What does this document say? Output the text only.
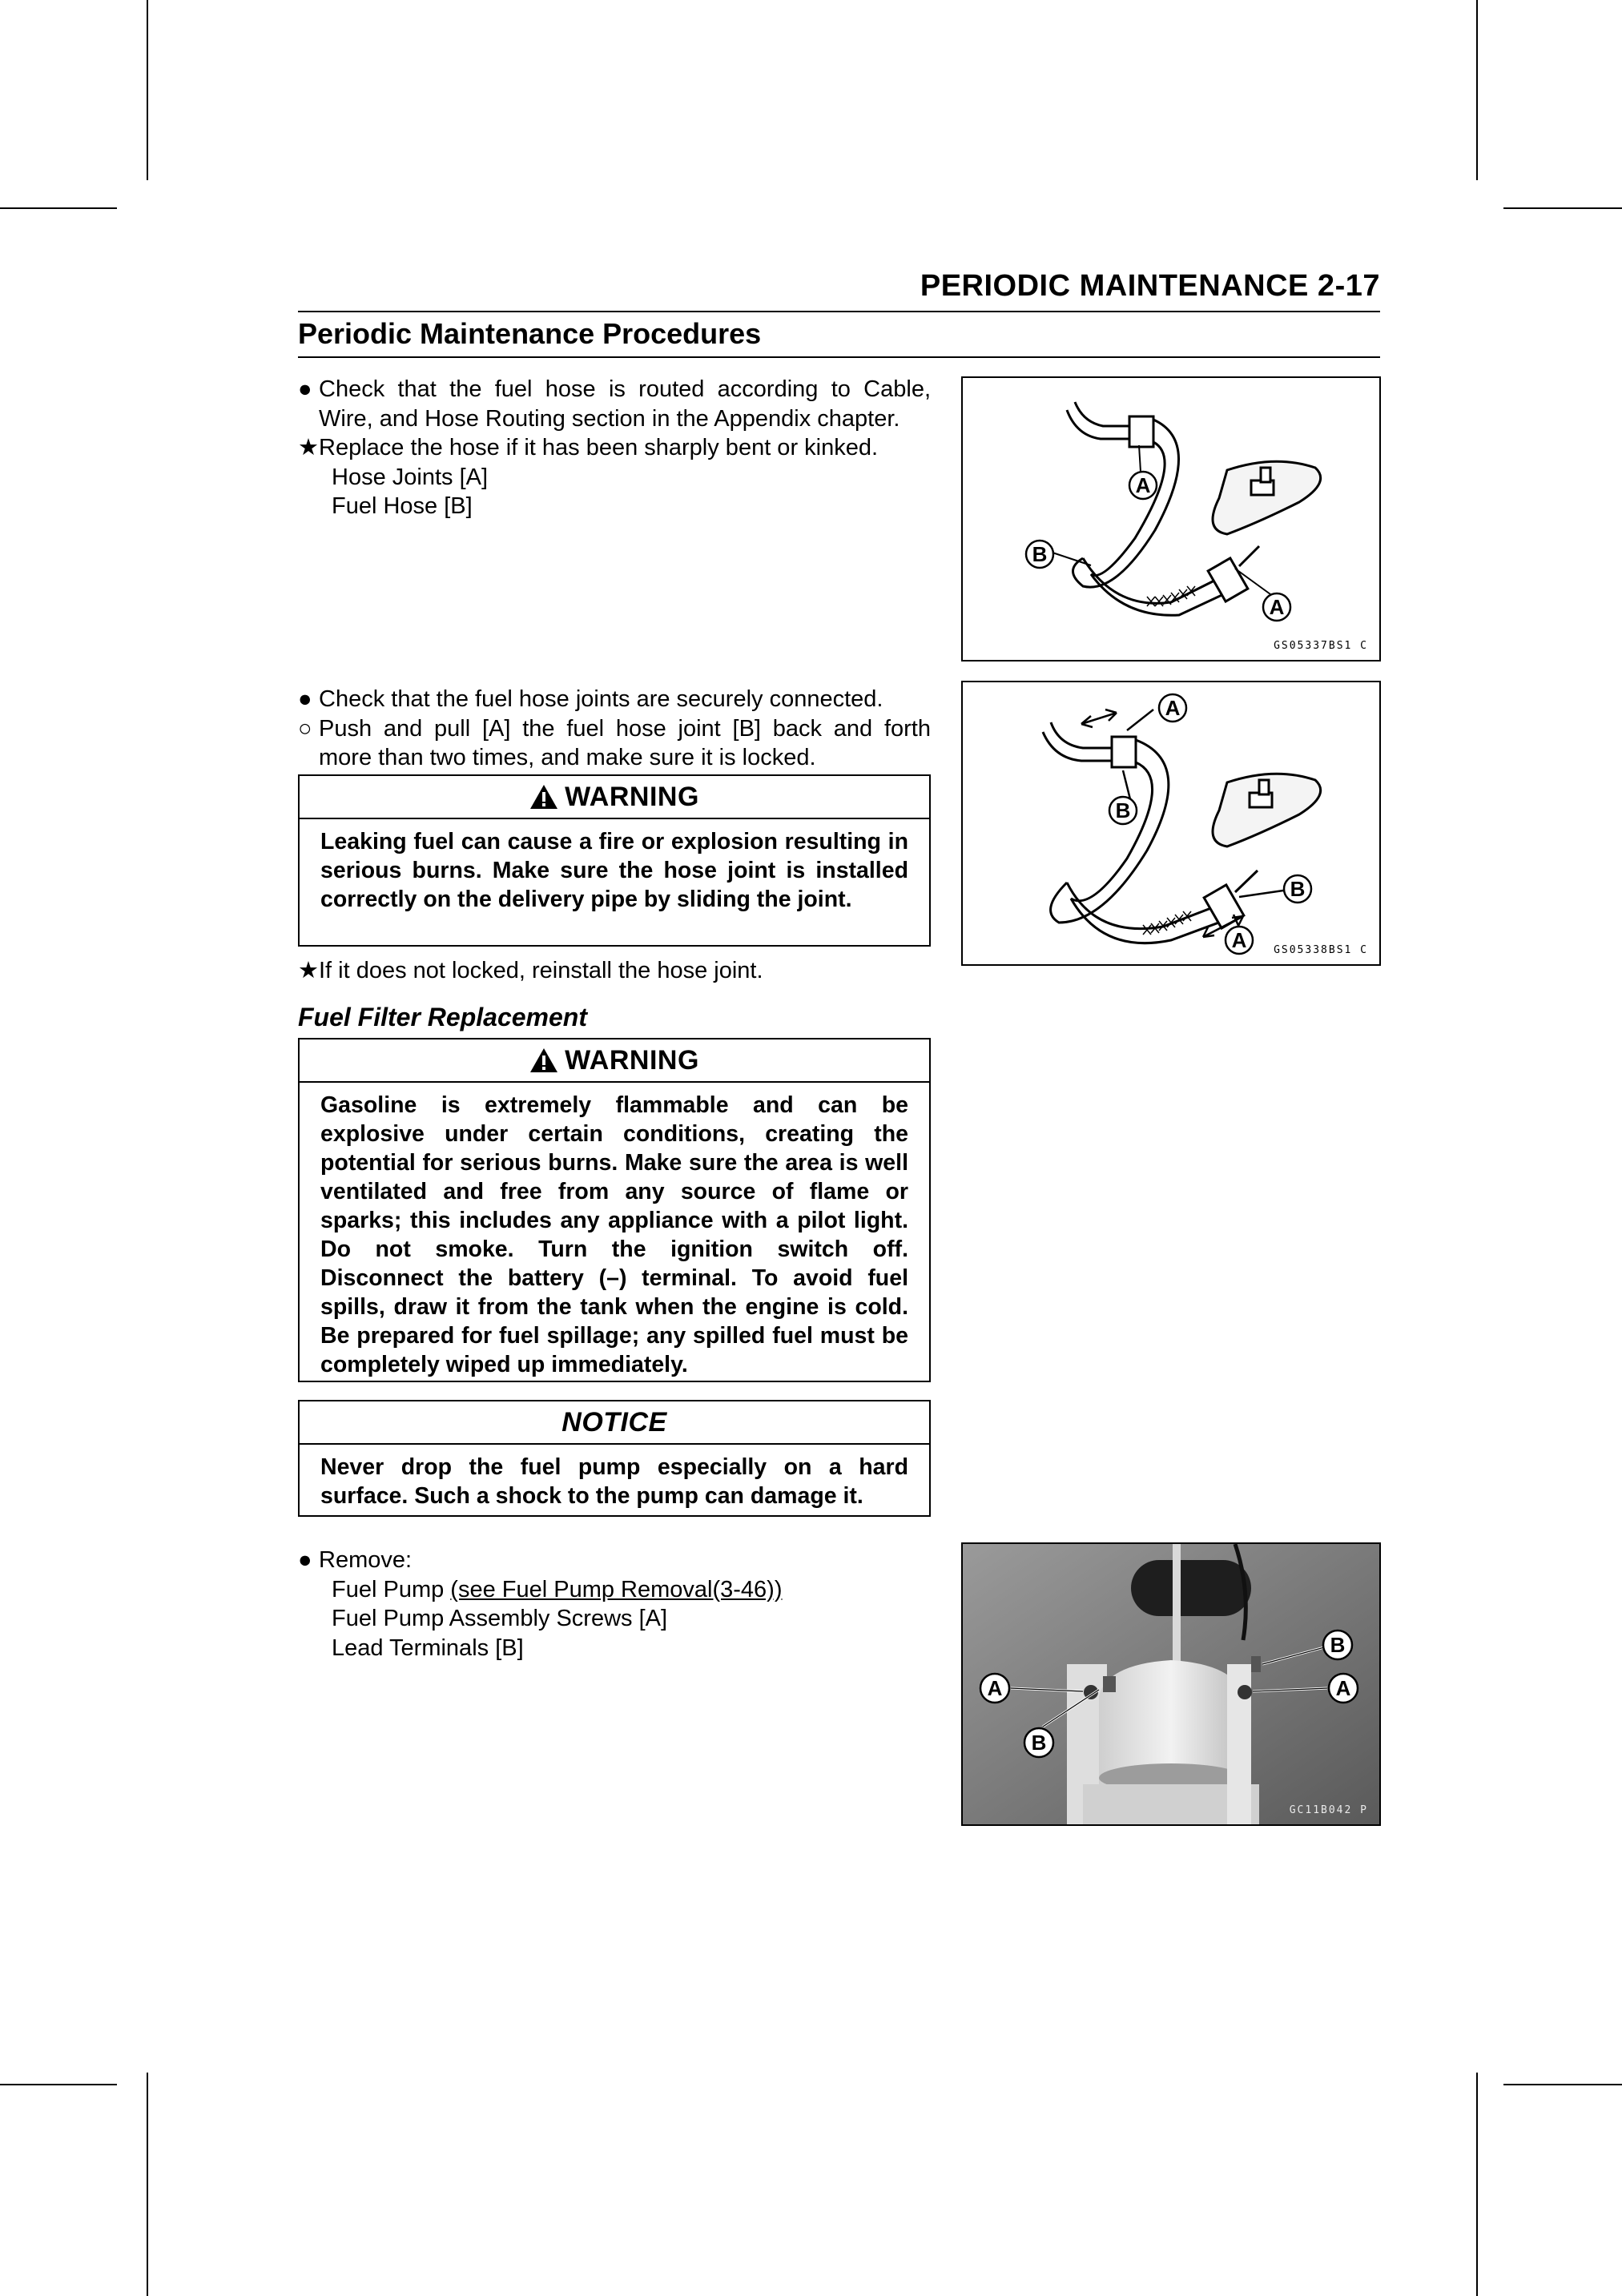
PERIODIC MAINTENANCE 2-17
Periodic Maintenance Procedures
● Check that the fuel hose is routed according to Cable, Wire, and Hose Routing section in the Appendix chapter.
★Replace the hose if it has been sharply bent or kinked.
Hose Joints [A]
Fuel Hose [B]
A
B
A
GS05337BS1 C
● Check that the fuel hose joints are securely connected.
○ Push and pull [A] the fuel hose joint [B] back and forth more than two times, and make sure it is locked.
WARNING
Leaking fuel can cause a fire or explosion resulting in serious burns. Make sure the hose joint is installed correctly on the delivery pipe by sliding the joint.
★If it does not locked, reinstall the hose joint.
A
B
B
A	GS05338BS1 C
Fuel Filter Replacement
WARNING
Gasoline is extremely flammable and can be explosive under certain conditions, creating the potential for serious burns. Make sure the area is well ventilated and free from any source of flame or sparks; this includes any appliance with a pilot light. Do not smoke. Turn the ignition switch off. Disconnect the battery (–) terminal. To avoid fuel spills, draw it from the tank when the engine is cold. Be prepared for fuel spillage; any spilled fuel must be completely wiped up immediately.
NOTICE
Never drop the fuel pump especially on a hard surface. Such a shock to the pump can damage it.
● Remove:
Fuel Pump (see Fuel Pump Removal(3-46))
Fuel Pump Assembly Screws [A]
Lead Terminals [B]
A
B
A
B
GC11B042 P
